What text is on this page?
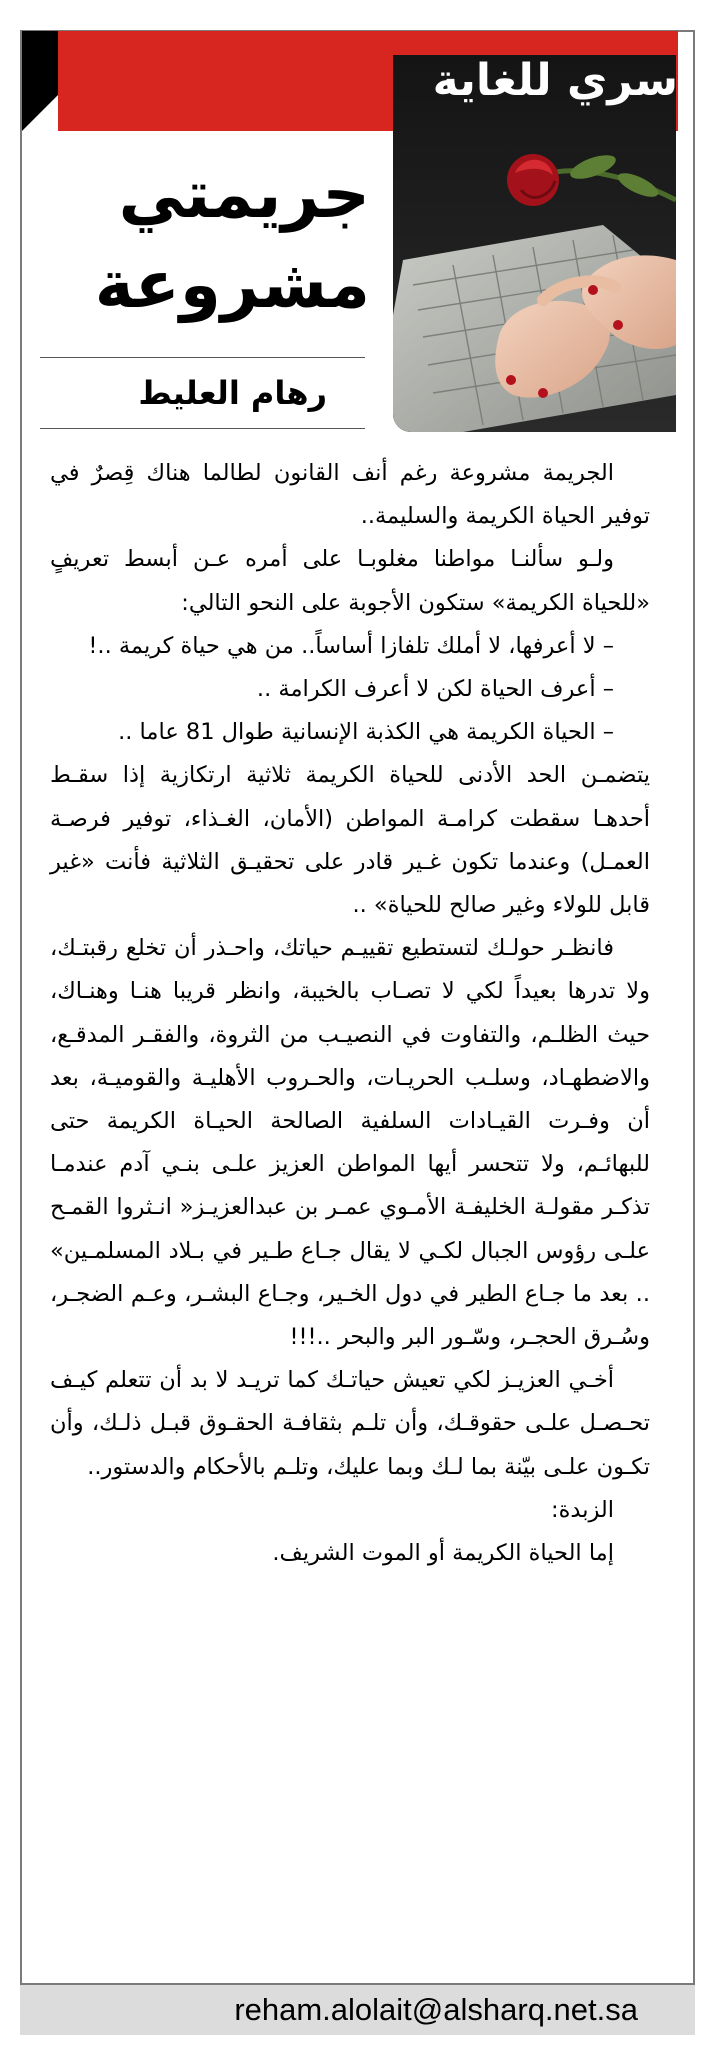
سري للغاية
جريمتي
مشروعة
رهام العليط

الجريمة مشروعة رغم أنف القانون لطالما هناك قِصرٌ في توفير الحياة الكريمة والسليمة..

ولـو سألنـا مواطنا مغلوبـا على أمره عـن أبسط تعريفٍ «للحياة الكريمة» ستكون الأجوبة على النحو التالي:

– لا أعرفها، لا أملك تلفازا أساساً.. من هي حياة كريمة ..!

– أعرف الحياة لكن لا أعرف الكرامة ..

– الحياة الكريمة هي الكذبة الإنسانية طوال 81 عاما ..

يتضمـن الحد الأدنى للحياة الكريمة ثلاثية ارتكازية إذا سقـط أحدهـا سقطت كرامـة المواطن (الأمان، الغـذاء، توفير فرصـة العمـل) وعندما تكون غـير قادر على تحقيـق الثلاثية فأنت «غير قابل للولاء وغير صالح للحياة» ..

فانظـر حولـك لتستطيع تقييـم حياتك، واحـذر أن تخلع رقبتـك، ولا تدرها بعيداً لكي لا تصـاب بالخيبة، وانظر قريبا هنـا وهنـاك، حيث الظلـم، والتفاوت في النصيـب من الثروة، والفقـر المدقـع، والاضطهـاد، وسلـب الحريـات، والحـروب الأهليـة والقوميـة، بعد أن وفـرت القيـادات السلفية الصالحة الحيـاة الكريمة حتى للبهائـم، ولا تتحسر أيها المواطن العزيز علـى بنـي آدم عندمـا تذكـر مقولـة الخليفـة الأمـوي عمـر بن عبدالعزيـز« انـثروا القمـح علـى رؤوس الجبال لكـي لا يقال جـاع طـير في بـلاد المسلمـين» .. بعد ما جـاع الطير في دول الخـير، وجـاع البشـر، وعـم الضجـر، وسُـرق الحجـر، وسّـور البر والبحر ..!!!

أخـي العزيـز لكي تعيش حياتـك كما تريـد لا بد أن تتعلم كيـف تحـصـل علـى حقوقـك، وأن تلـم بثقافـة الحقـوق قبـل ذلـك، وأن تكـون علـى بيّنة بما لـك وبما عليك، وتلـم بالأحكام والدستور..

الزبدة:

إما الحياة الكريمة أو الموت الشريف.

reham.alolait@alsharq.net.sa
